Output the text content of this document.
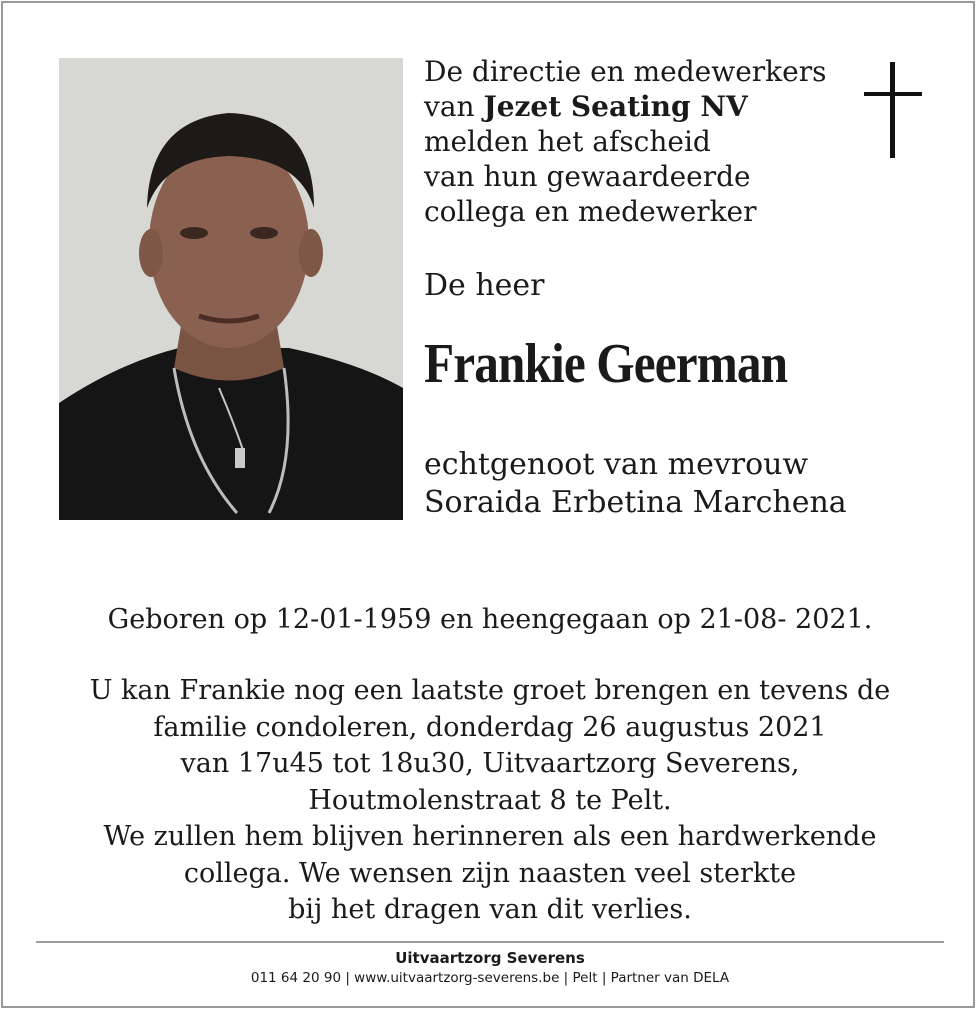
De directie en medewerkers
van Jezet Seating NV
melden het afscheid
van hun gewaardeerde
collega en medewerker
De heer
Frankie Geerman
echtgenoot van mevrouw
Soraida Erbetina Marchena
Geboren op 12-01-1959 en heengegaan op 21-08- 2021.
U kan Frankie nog een laatste groet brengen en tevens de
familie condoleren, donderdag 26 augustus 2021
van 17u45 tot 18u30, Uitvaartzorg Severens,
Houtmolenstraat 8 te Pelt.
We zullen hem blijven herinneren als een hardwerkende
collega. We wensen zijn naasten veel sterkte
bij het dragen van dit verlies.
Uitvaartzorg Severens
011 64 20 90 | www.uitvaartzorg-severens.be | Pelt | Partner van DELA
